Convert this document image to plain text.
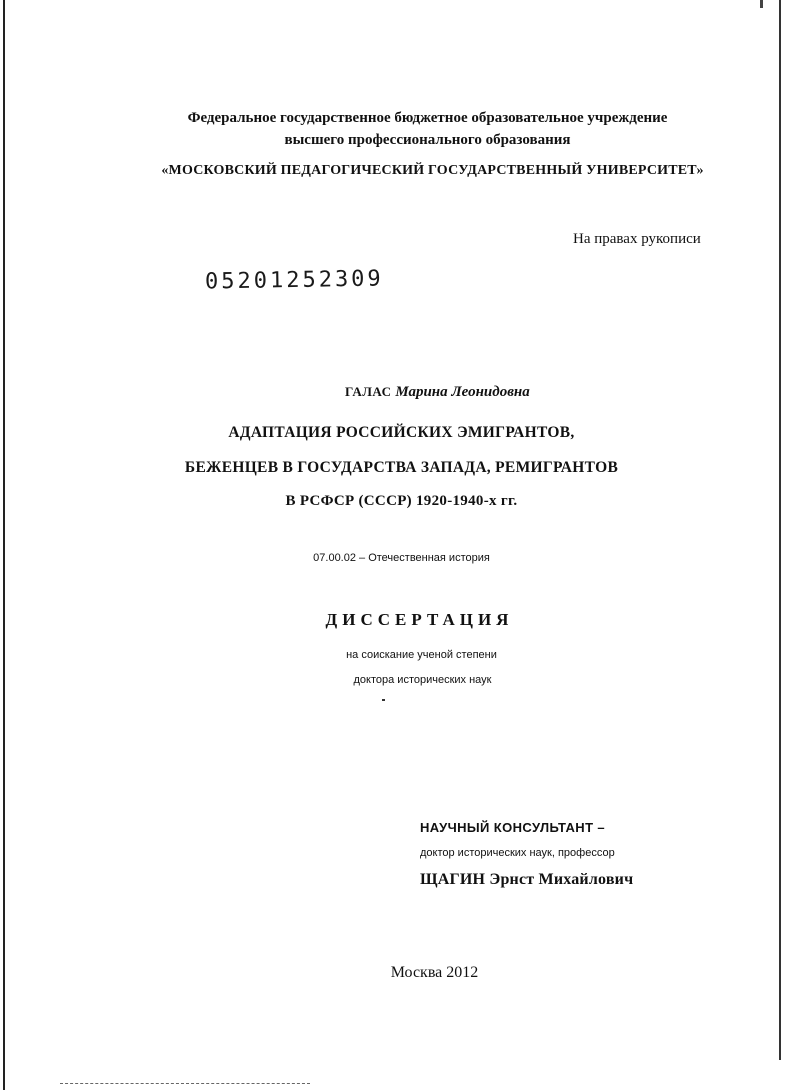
Федеральное государственное бюджетное образовательное учреждение
высшего профессионального образования
«МОСКОВСКИЙ ПЕДАГОГИЧЕСКИЙ ГОСУДАРСТВЕННЫЙ УНИВЕРСИТЕТ»
На правах рукописи
05201252309
ГАЛАС Марина Леонидовна
АДАПТАЦИЯ РОССИЙСКИХ ЭМИГРАНТОВ,
БЕЖЕНЦЕВ В ГОСУДАРСТВА ЗАПАДА, РЕМИГРАНТОВ
В РСФСР (СССР) 1920-1940-х гг.
07.00.02 – Отечественная история
ДИССЕРТАЦИЯ
на соискание ученой степени
доктора исторических наук
НАУЧНЫЙ КОНСУЛЬТАНТ –
доктор исторических наук, профессор
ЩАГИН Эрнст Михайлович
Москва 2012
